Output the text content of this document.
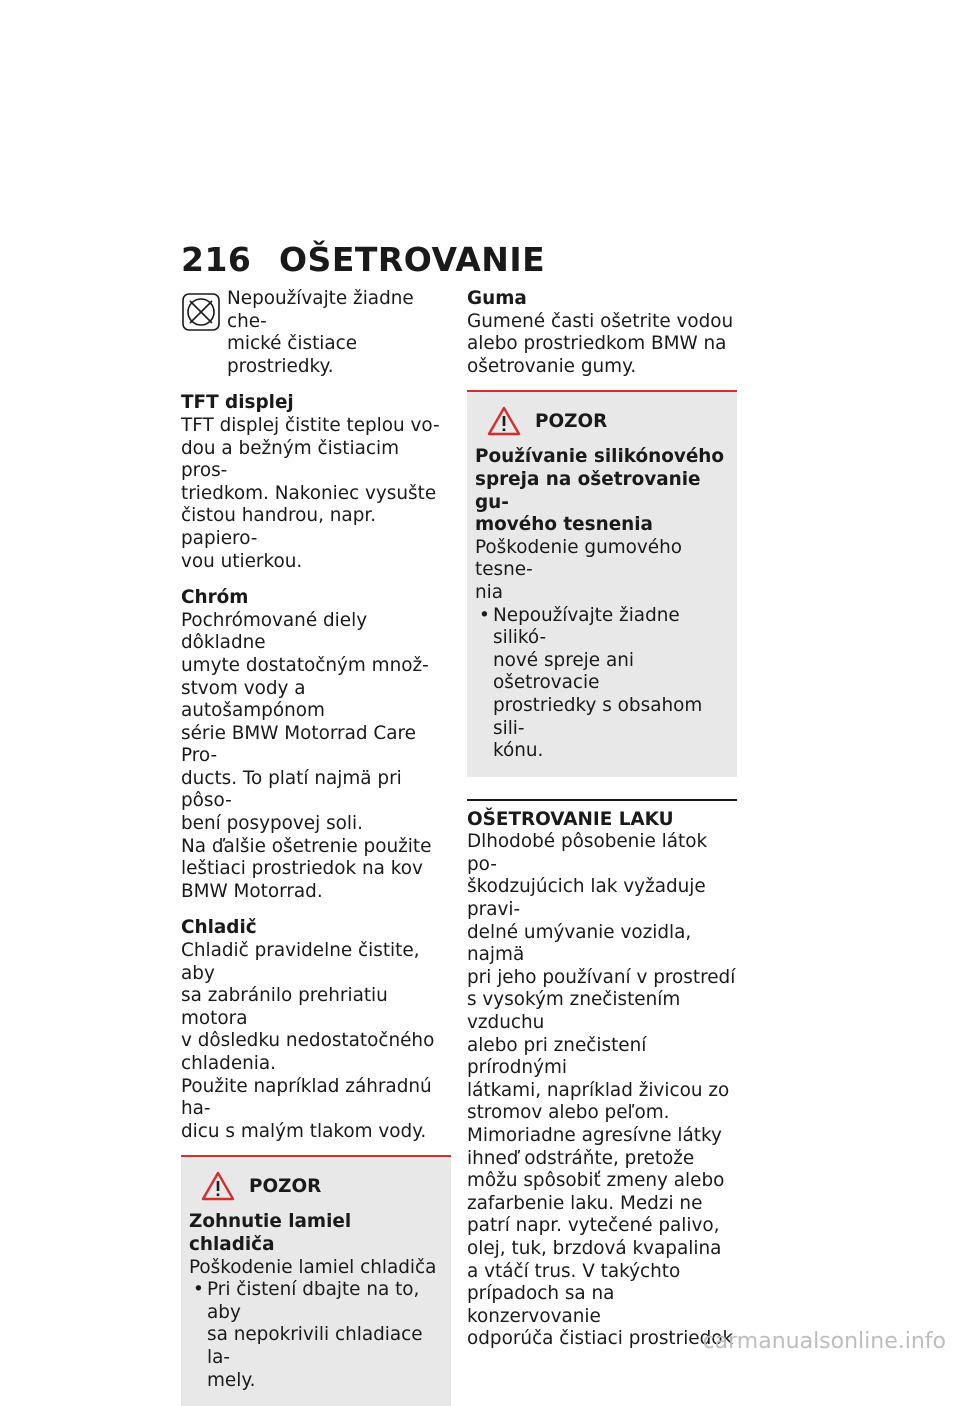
216 OŠETROVANIE

Nepoužívajte žiadne che-

mické čistiace prostriedky.

TFT displej

TFT displej čistite teplou vo-

dou a bežným čistiacim pros-

triedkom. Nakoniec vysušte

čistou handrou, napr. papiero-

vou utierkou.

Chróm

Pochrómované diely dôkladne

umyte dostatočným množ-

stvom vody a autošampónom

série BMW Motorrad Care Pro-

ducts. To platí najmä pri pôso-

bení posypovej soli.

Na ďalšie ošetrenie použite

leštiaci prostriedok na kov

BMW Motorrad.

Chladič

Chladič pravidelne čistite, aby

sa zabránilo prehriatiu motora

v dôsledku nedostatočného

chladenia.

Použite napríklad záhradnú ha-

dicu s malým tlakom vody.

POZOR

Zohnutie lamiel chladiča

Poškodenie lamiel chladiča

• Pri čistení dbajte na to, aby

sa nepokrivili chladiace la-

mely.

Guma

Gumené časti ošetrite vodou

alebo prostriedkom BMW na

ošetrovanie gumy.

POZOR

Používanie silikónového

spreja na ošetrovanie gu-

mového tesnenia

Poškodenie gumového tesne-

nia

• Nepoužívajte žiadne silikó-

nové spreje ani ošetrovacie

prostriedky s obsahom sili-

kónu.

OŠETROVANIE LAKU

Dlhodobé pôsobenie látok po-

škodzujúcich lak vyžaduje pravi-

delné umývanie vozidla, najmä

pri jeho používaní v prostredí

s vysokým znečistením vzduchu

alebo pri znečistení prírodnými

látkami, napríklad živicou zo

stromov alebo peľom.

Mimoriadne agresívne látky

ihneď odstráňte, pretože

môžu spôsobiť zmeny alebo

zafarbenie laku. Medzi ne

patrí napr. vytečené palivo,

olej, tuk, brzdová kvapalina

a vtáčí trus. V takýchto

prípadoch sa na konzervovanie

odporúča čistiaci prostriedok

carmanualsonline.info
